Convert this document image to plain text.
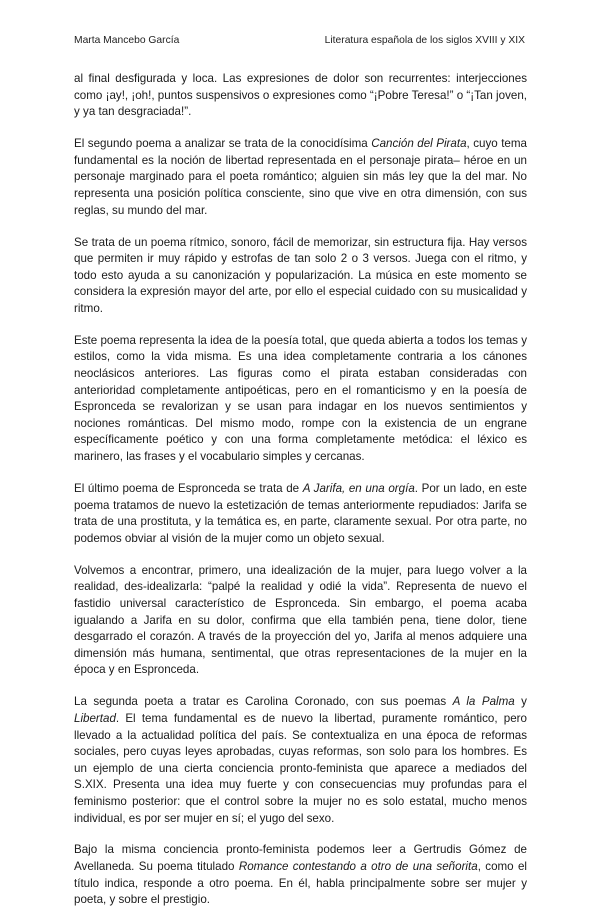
Marta Mancebo García	Literatura española de los siglos XVIII y XIX

al final desfigurada y loca. Las expresiones de dolor son recurrentes: interjecciones como ¡ay!, ¡oh!, puntos suspensivos o expresiones como “¡Pobre Teresa!” o “¡Tan joven, y ya tan desgraciada!”.

El segundo poema a analizar se trata de la conocidísima Canción del Pirata, cuyo tema fundamental es la noción de libertad representada en el personaje pirata– héroe en un personaje marginado para el poeta romántico; alguien sin más ley que la del mar. No representa una posición política consciente, sino que vive en otra dimensión, con sus reglas, su mundo del mar.

Se trata de un poema rítmico, sonoro, fácil de memorizar, sin estructura fija. Hay versos que permiten ir muy rápido y estrofas de tan solo 2 o 3 versos. Juega con el ritmo, y todo esto ayuda a su canonización y popularización. La música en este momento se considera la expresión mayor del arte, por ello el especial cuidado con su musicalidad y ritmo.

Este poema representa la idea de la poesía total, que queda abierta a todos los temas y estilos, como la vida misma. Es una idea completamente contraria a los cánones neoclásicos anteriores. Las figuras como el pirata estaban consideradas con anterioridad completamente antipoéticas, pero en el romanticismo y en la poesía de Espronceda se revalorizan y se usan para indagar en los nuevos sentimientos y nociones románticas. Del mismo modo, rompe con la existencia de un engrane específicamente poético y con una forma completamente metódica: el léxico es marinero, las frases y el vocabulario simples y cercanas.

El último poema de Espronceda se trata de A Jarifa, en una orgía. Por un lado, en este poema tratamos de nuevo la estetización de temas anteriormente repudiados: Jarifa se trata de una prostituta, y la temática es, en parte, claramente sexual. Por otra parte, no podemos obviar al visión de la mujer como un objeto sexual.

Volvemos a encontrar, primero, una idealización de la mujer, para luego volver a la realidad, des-idealizarla: “palpé la realidad y odié la vida”. Representa de nuevo el fastidio universal característico de Espronceda. Sin embargo, el poema acaba igualando a Jarifa en su dolor, confirma que ella también pena, tiene dolor, tiene desgarrado el corazón. A través de la proyección del yo, Jarifa al menos adquiere una dimensión más humana, sentimental, que otras representaciones de la mujer en la época y en Espronceda.

La segunda poeta a tratar es Carolina Coronado, con sus poemas A la Palma y Libertad. El tema fundamental es de nuevo la libertad, puramente romántico, pero llevado a la actualidad política del país. Se contextualiza en una época de reformas sociales, pero cuyas leyes aprobadas, cuyas reformas, son solo para los hombres. Es un ejemplo de una cierta conciencia pronto-feminista que aparece a mediados del S.XIX. Presenta una idea muy fuerte y con consecuencias muy profundas para el feminismo posterior: que el control sobre la mujer no es solo estatal, mucho menos individual, es por ser mujer en sí; el yugo del sexo.

Bajo la misma conciencia pronto-feminista podemos leer a Gertrudis Gómez de Avellaneda. Su poema titulado Romance contestando a otro de una señorita, como el título indica, responde a otro poema. En él, habla principalmente sobre ser mujer y poeta, y sobre el prestigio.
